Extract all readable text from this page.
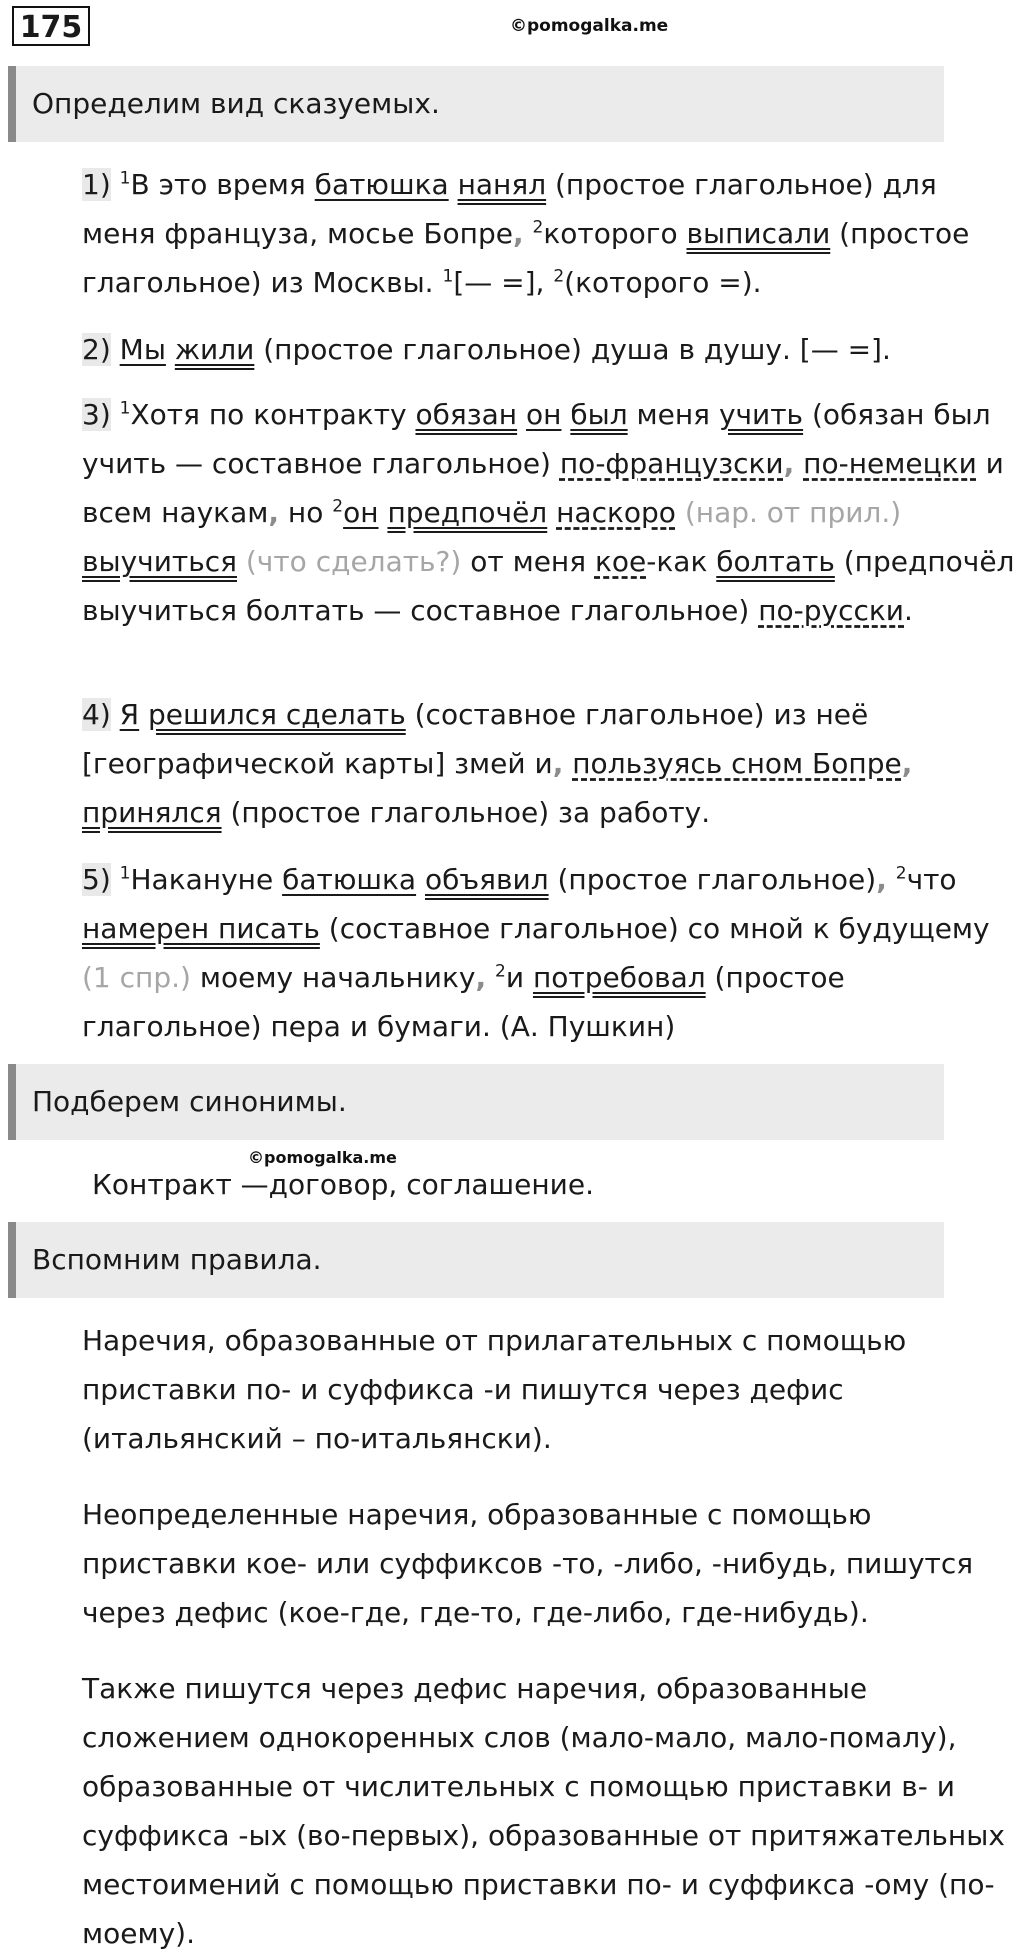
175	©pomogalka.me
Определим вид сказуемых.
1) $^1$В это время батюшка нанял (простое глагольное) для меня француза, мосье Бопре, $^2$которого выписали (простое глагольное) из Москвы. $^1$[— =], $^2$(которого =).
2) Мы жили (простое глагольное) душа в душу. [— =].
3) $^1$Хотя по контракту обязан он был меня учить (обязан был учить — составное глагольное) по-французски, по-немецки и всем наукам, но $^2$он предпочёл наскоро (нар. от прил.) выучиться (что сделать?) от меня кое-как болтать (предпочёл выучиться болтать — составное глагольное) по-русски.
4) Я решился сделать (составное глагольное) из неё [географической карты] змей и, пользуясь сном Бопре, принялся (простое глагольное) за работу.
5) $^1$Накануне батюшка объявил (простое глагольное), $^2$что намерен писать (составное глагольное) со мной к будущему (1 спр.) моему начальнику, $^2$и потребовал (простое глагольное) пера и бумаги. (А. Пушкин)
Подберем синонимы.
©pomogalka.me
Контракт —договор, соглашение.
Вспомним правила.
Наречия, образованные от прилагательных с помощью приставки по- и суффикса -и пишутся через дефис (итальянский – по-итальянски).
Неопределенные наречия, образованные с помощью приставки кое- или суффиксов -то, -либо, -нибудь, пишутся через дефис (кое-где, где-то, где-либо, где-нибудь).
Также пишутся через дефис наречия, образованные сложением однокоренных слов (мало-мало, мало-помалу), образованные от числительных с помощью приставки в- и суффикса -ых (во-первых), образованные от притяжательных местоимений с помощью приставки по- и суффикса -ому (по-моему).
